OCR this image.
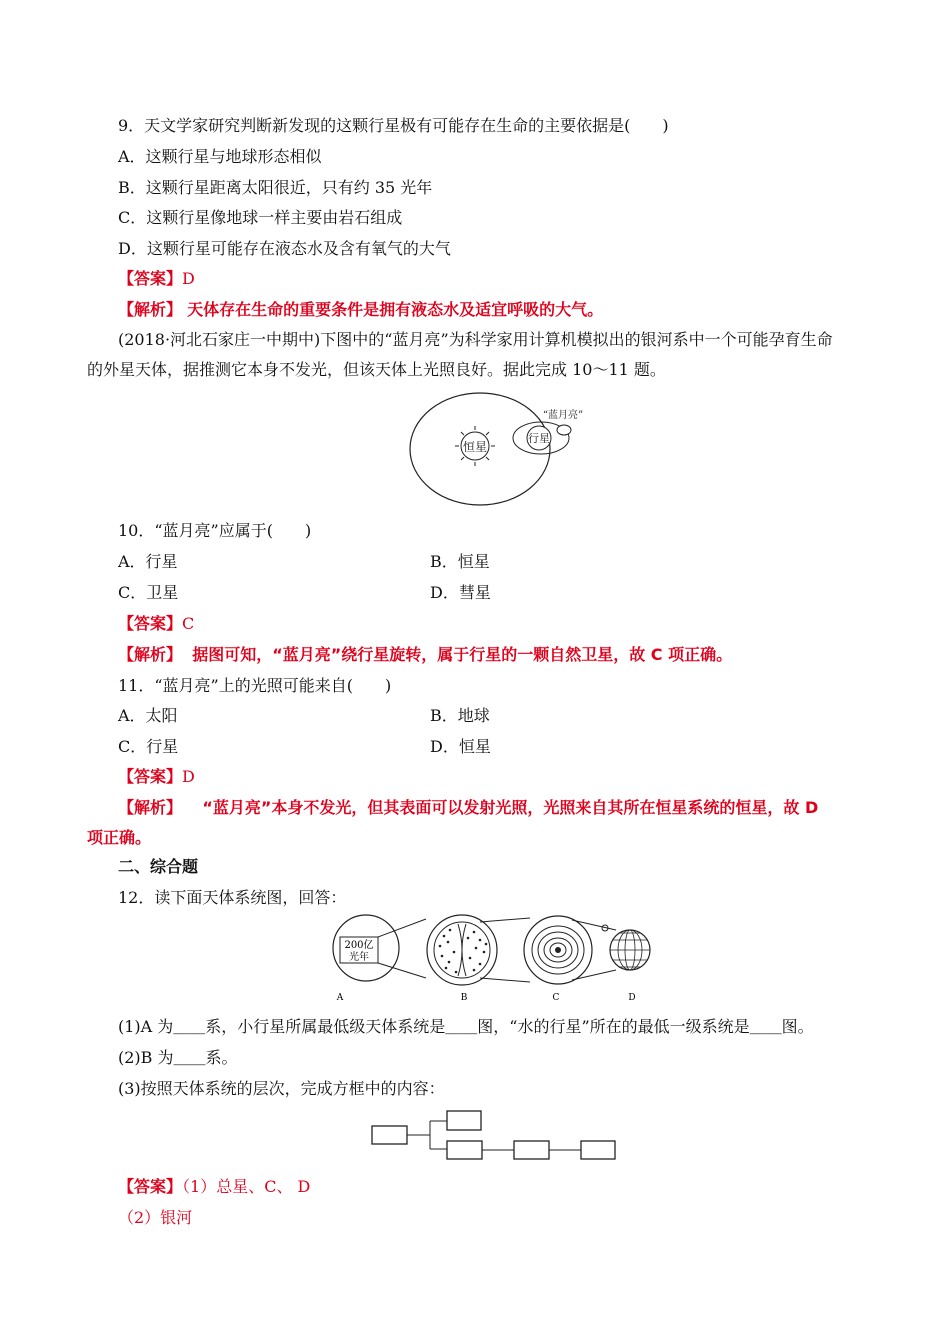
9．天文学家研究判断新发现的这颗行星极有可能存在生命的主要依据是(　　)
A．这颗行星与地球形态相似
B．这颗行星距离太阳很近，只有约 35 光年
C．这颗行星像地球一样主要由岩石组成
D．这颗行星可能存在液态水及含有氧气的大气
【答案】D
【解析】 天体存在生命的重要条件是拥有液态水及适宜呼吸的大气。
(2018·河北石家庄一中期中)下图中的“蓝月亮”为科学家用计算机模拟出的银河系中一个可能孕育生命
的外星天体，据推测它本身不发光，但该天体上光照良好。据此完成 10～11 题。
恒星
行星
“蓝月亮”
10．“蓝月亮”应属于(　　)
A．行星	B．恒星
C．卫星	D．彗星
【答案】C
【解析】 据图可知，“蓝月亮”绕行星旋转，属于行星的一颗自然卫星，故 C 项正确。
11．“蓝月亮”上的光照可能来自(　　)
A．太阳	B．地球
C．行星	D．恒星
【答案】D
【解析】 “蓝月亮”本身不发光，但其表面可以发射光照，光照来自其所在恒星系统的恒星，故 D
项正确。
二、综合题
12．读下面天体系统图，回答：
200亿
光年
A	B	C	D
(1)A 为＿＿系，小行星所属最低级天体系统是＿＿图，“水的行星”所在的最低一级系统是＿＿图。
(2)B 为＿＿系。
(3)按照天体系统的层次，完成方框中的内容：
【答案】（1）总星、C、 D
（2）银河
